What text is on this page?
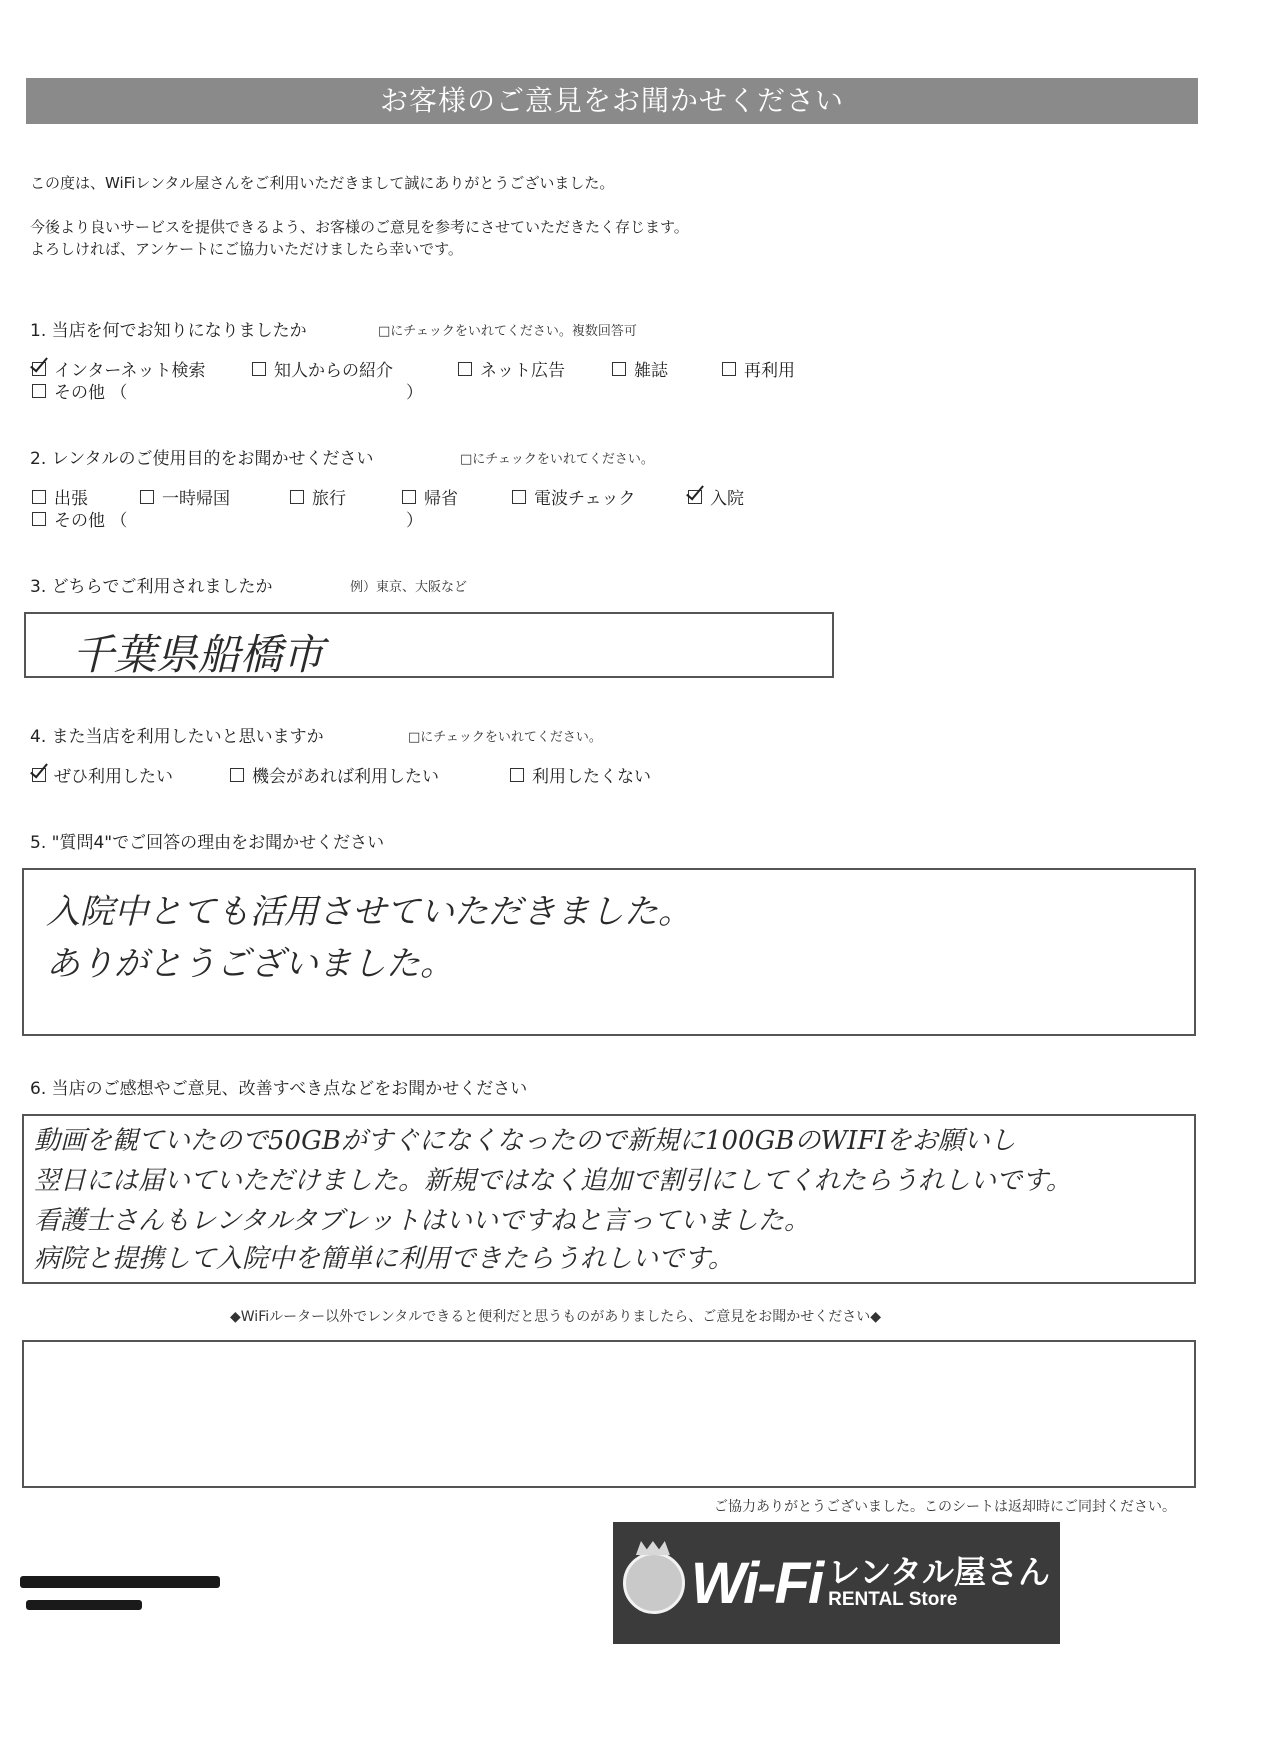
お客様のご意見をお聞かせください
この度は、WiFiレンタル屋さんをご利用いただきまして誠にありがとうございました。
今後より良いサービスを提供できるよう、お客様のご意見を参考にさせていただきたく存じます。
よろしければ、アンケートにご協力いただけましたら幸いです。
1. 当店を何でお知りになりましたか	□にチェックをいれてください。複数回答可
インターネット検索	知人からの紹介	ネット広告	雑誌	再利用
その他 （	）
2. レンタルのご使用目的をお聞かせください	□にチェックをいれてください。
出張	一時帰国	旅行	帰省	電波チェック	入院
その他 （	）
3. どちらでご利用されましたか	例）東京、大阪など
千葉県船橋市
4. また当店を利用したいと思いますか	□にチェックをいれてください。
ぜひ利用したい	機会があれば利用したい	利用したくない
5. "質問4"でご回答の理由をお聞かせください
入院中とても活用させていただきました。
ありがとうございました。
6. 当店のご感想やご意見、改善すべき点などをお聞かせください
動画を観ていたので50GBがすぐになくなったので新規に100GBのWIFIをお願いし
翌日には届いていただけました。新規ではなく追加で割引にしてくれたらうれしいです。
看護士さんもレンタルタブレットはいいですねと言っていました。
病院と提携して入院中を簡単に利用できたらうれしいです。
◆WiFiルーター以外でレンタルできると便利だと思うものがありましたら、ご意見をお聞かせください◆
ご協力ありがとうございました。このシートは返却時にご同封ください。
Wi-Fi レンタル屋さん
RENTAL Store
